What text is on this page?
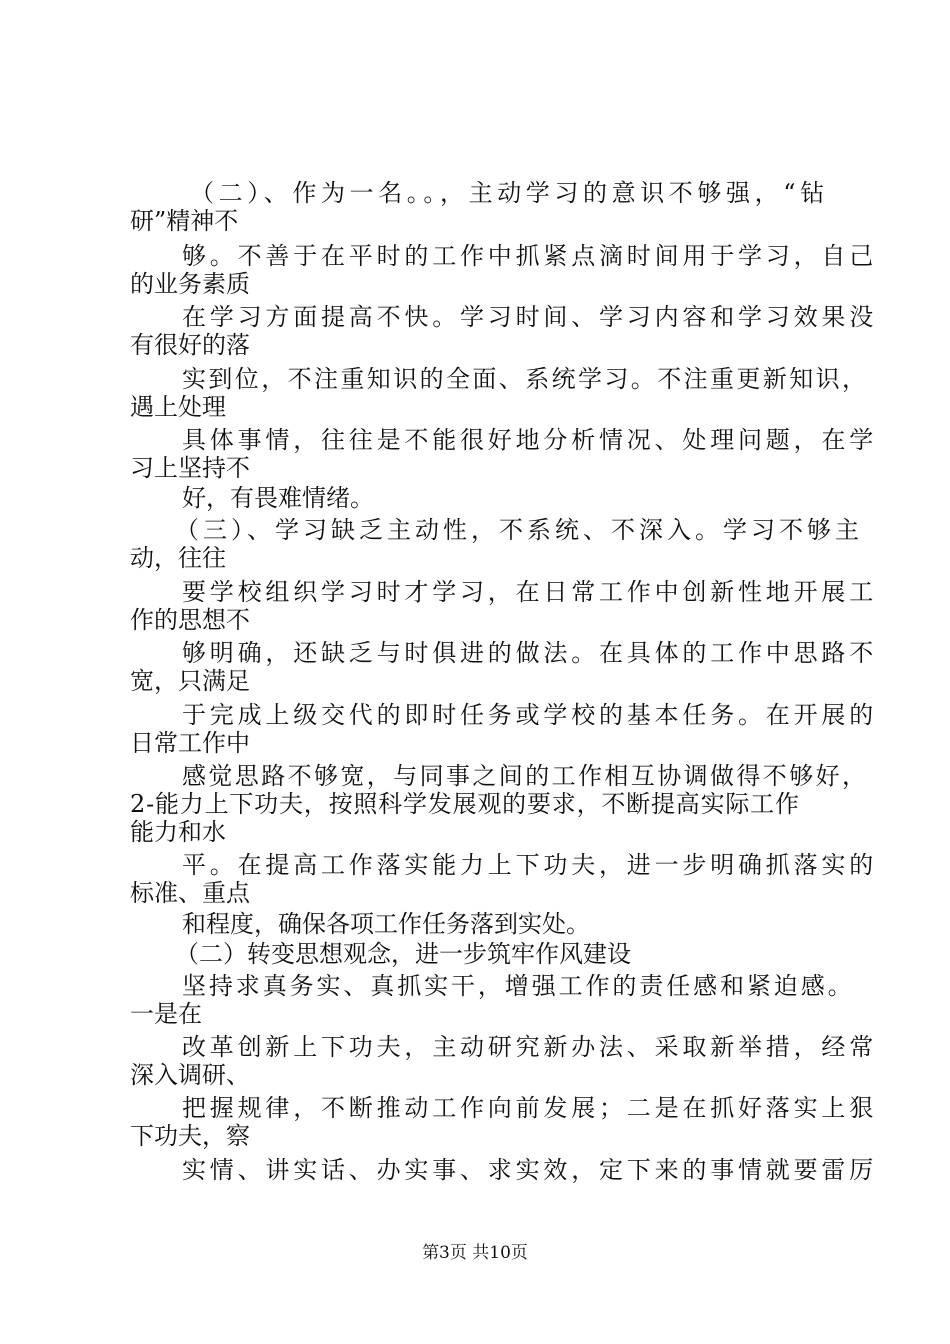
（二）、作为一名。。，主动学习的意识不够强，“钻
研”精神不
够。不善于在平时的工作中抓紧点滴时间用于学习，自己
的业务素质
在学习方面提高不快。学习时间、学习内容和学习效果没
有很好的落
实到位，不注重知识的全面、系统学习。不注重更新知识，
遇上处理
具体事情，往往是不能很好地分析情况、处理问题，在学
习上坚持不
好，有畏难情绪。
（三）、学习缺乏主动性，不系统、不深入。学习不够主
动，往往
要学校组织学习时才学习，在日常工作中创新性地开展工
作的思想不
够明确，还缺乏与时俱进的做法。在具体的工作中思路不
宽，只满足
于完成上级交代的即时任务或学校的基本任务。在开展的
日常工作中
感觉思路不够宽，与同事之间的工作相互协调做得不够好，
2-能力上下功夫，按照科学发展观的要求，不断提高实际工作
能力和水
平。在提高工作落实能力上下功夫，进一步明确抓落实的
标准、重点
和程度，确保各项工作任务落到实处。
（二）转变思想观念，进一步筑牢作风建设
坚持求真务实、真抓实干，增强工作的责任感和紧迫感。
一是在
改革创新上下功夫，主动研究新办法、采取新举措，经常
深入调研、
把握规律，不断推动工作向前发展；二是在抓好落实上狠
下功夫，察
实情、讲实话、办实事、求实效，定下来的事情就要雷厉
第3页 共10页
